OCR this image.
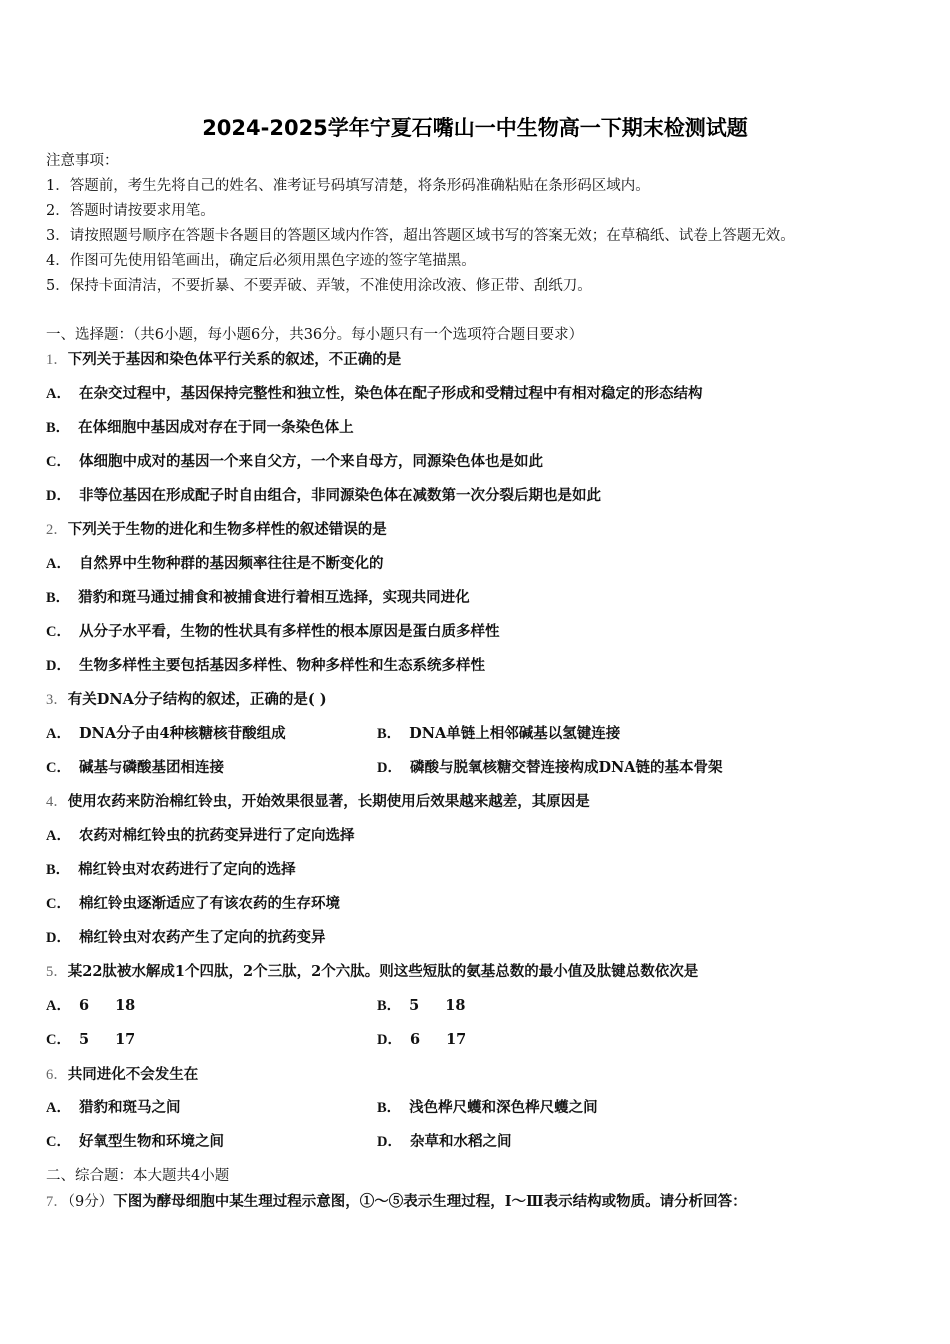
2024-2025学年宁夏石嘴山一中生物高一下期末检测试题
注意事项：
1．答题前，考生先将自己的姓名、准考证号码填写清楚，将条形码准确粘贴在条形码区域内。
2．答题时请按要求用笔。
3．请按照题号顺序在答题卡各题目的答题区域内作答，超出答题区域书写的答案无效；在草稿纸、试卷上答题无效。
4．作图可先使用铅笔画出，确定后必须用黑色字迹的签字笔描黑。
5．保持卡面清洁，不要折暴、不要弄破、弄皱，不准使用涂改液、修正带、刮纸刀。
一、选择题：（共6小题，每小题6分，共36分。每小题只有一个选项符合题目要求）
1．下列关于基因和染色体平行关系的叙述，不正确的是
A． 在杂交过程中，基因保持完整性和独立性，染色体在配子形成和受精过程中有相对稳定的形态结构
B． 在体细胞中基因成对存在于同一条染色体上
C． 体细胞中成对的基因一个来自父方，一个来自母方，同源染色体也是如此
D． 非等位基因在形成配子时自由组合，非同源染色体在减数第一次分裂后期也是如此
2．下列关于生物的进化和生物多样性的叙述错误的是
A． 自然界中生物种群的基因频率往往是不断变化的
B． 猎豹和斑马通过捕食和被捕食进行着相互选择，实现共同进化
C． 从分子水平看，生物的性状具有多样性的根本原因是蛋白质多样性
D． 生物多样性主要包括基因多样性、物种多样性和生态系统多样性
3．有关DNA分子结构的叙述，正确的是( )
A． DNA分子由4种核糖核苷酸组成	B． DNA单链上相邻碱基以氢键连接
C． 碱基与磷酸基团相连接	D． 磷酸与脱氧核糖交替连接构成DNA链的基本骨架
4．使用农药来防治棉红铃虫，开始效果很显著，长期使用后效果越来越差，其原因是
A． 农药对棉红铃虫的抗药变异进行了定向选择
B． 棉红铃虫对农药进行了定向的选择
C． 棉红铃虫逐渐适应了有该农药的生存环境
D． 棉红铃虫对农药产生了定向的抗药变异
5．某22肽被水解成1个四肽，2个三肽，2个六肽。则这些短肽的氨基总数的最小值及肽键总数依次是
A． 6 18	B． 5 18
C． 5 17	D． 6 17
6．共同进化不会发生在
A． 猎豹和斑马之间	B． 浅色桦尺蠖和深色桦尺蠖之间
C． 好氧型生物和环境之间	D． 杂草和水稻之间
二、综合题：本大题共4小题
7．（9分）下图为酵母细胞中某生理过程示意图，①～⑤表示生理过程，Ⅰ～Ⅲ表示结构或物质。请分析回答：
